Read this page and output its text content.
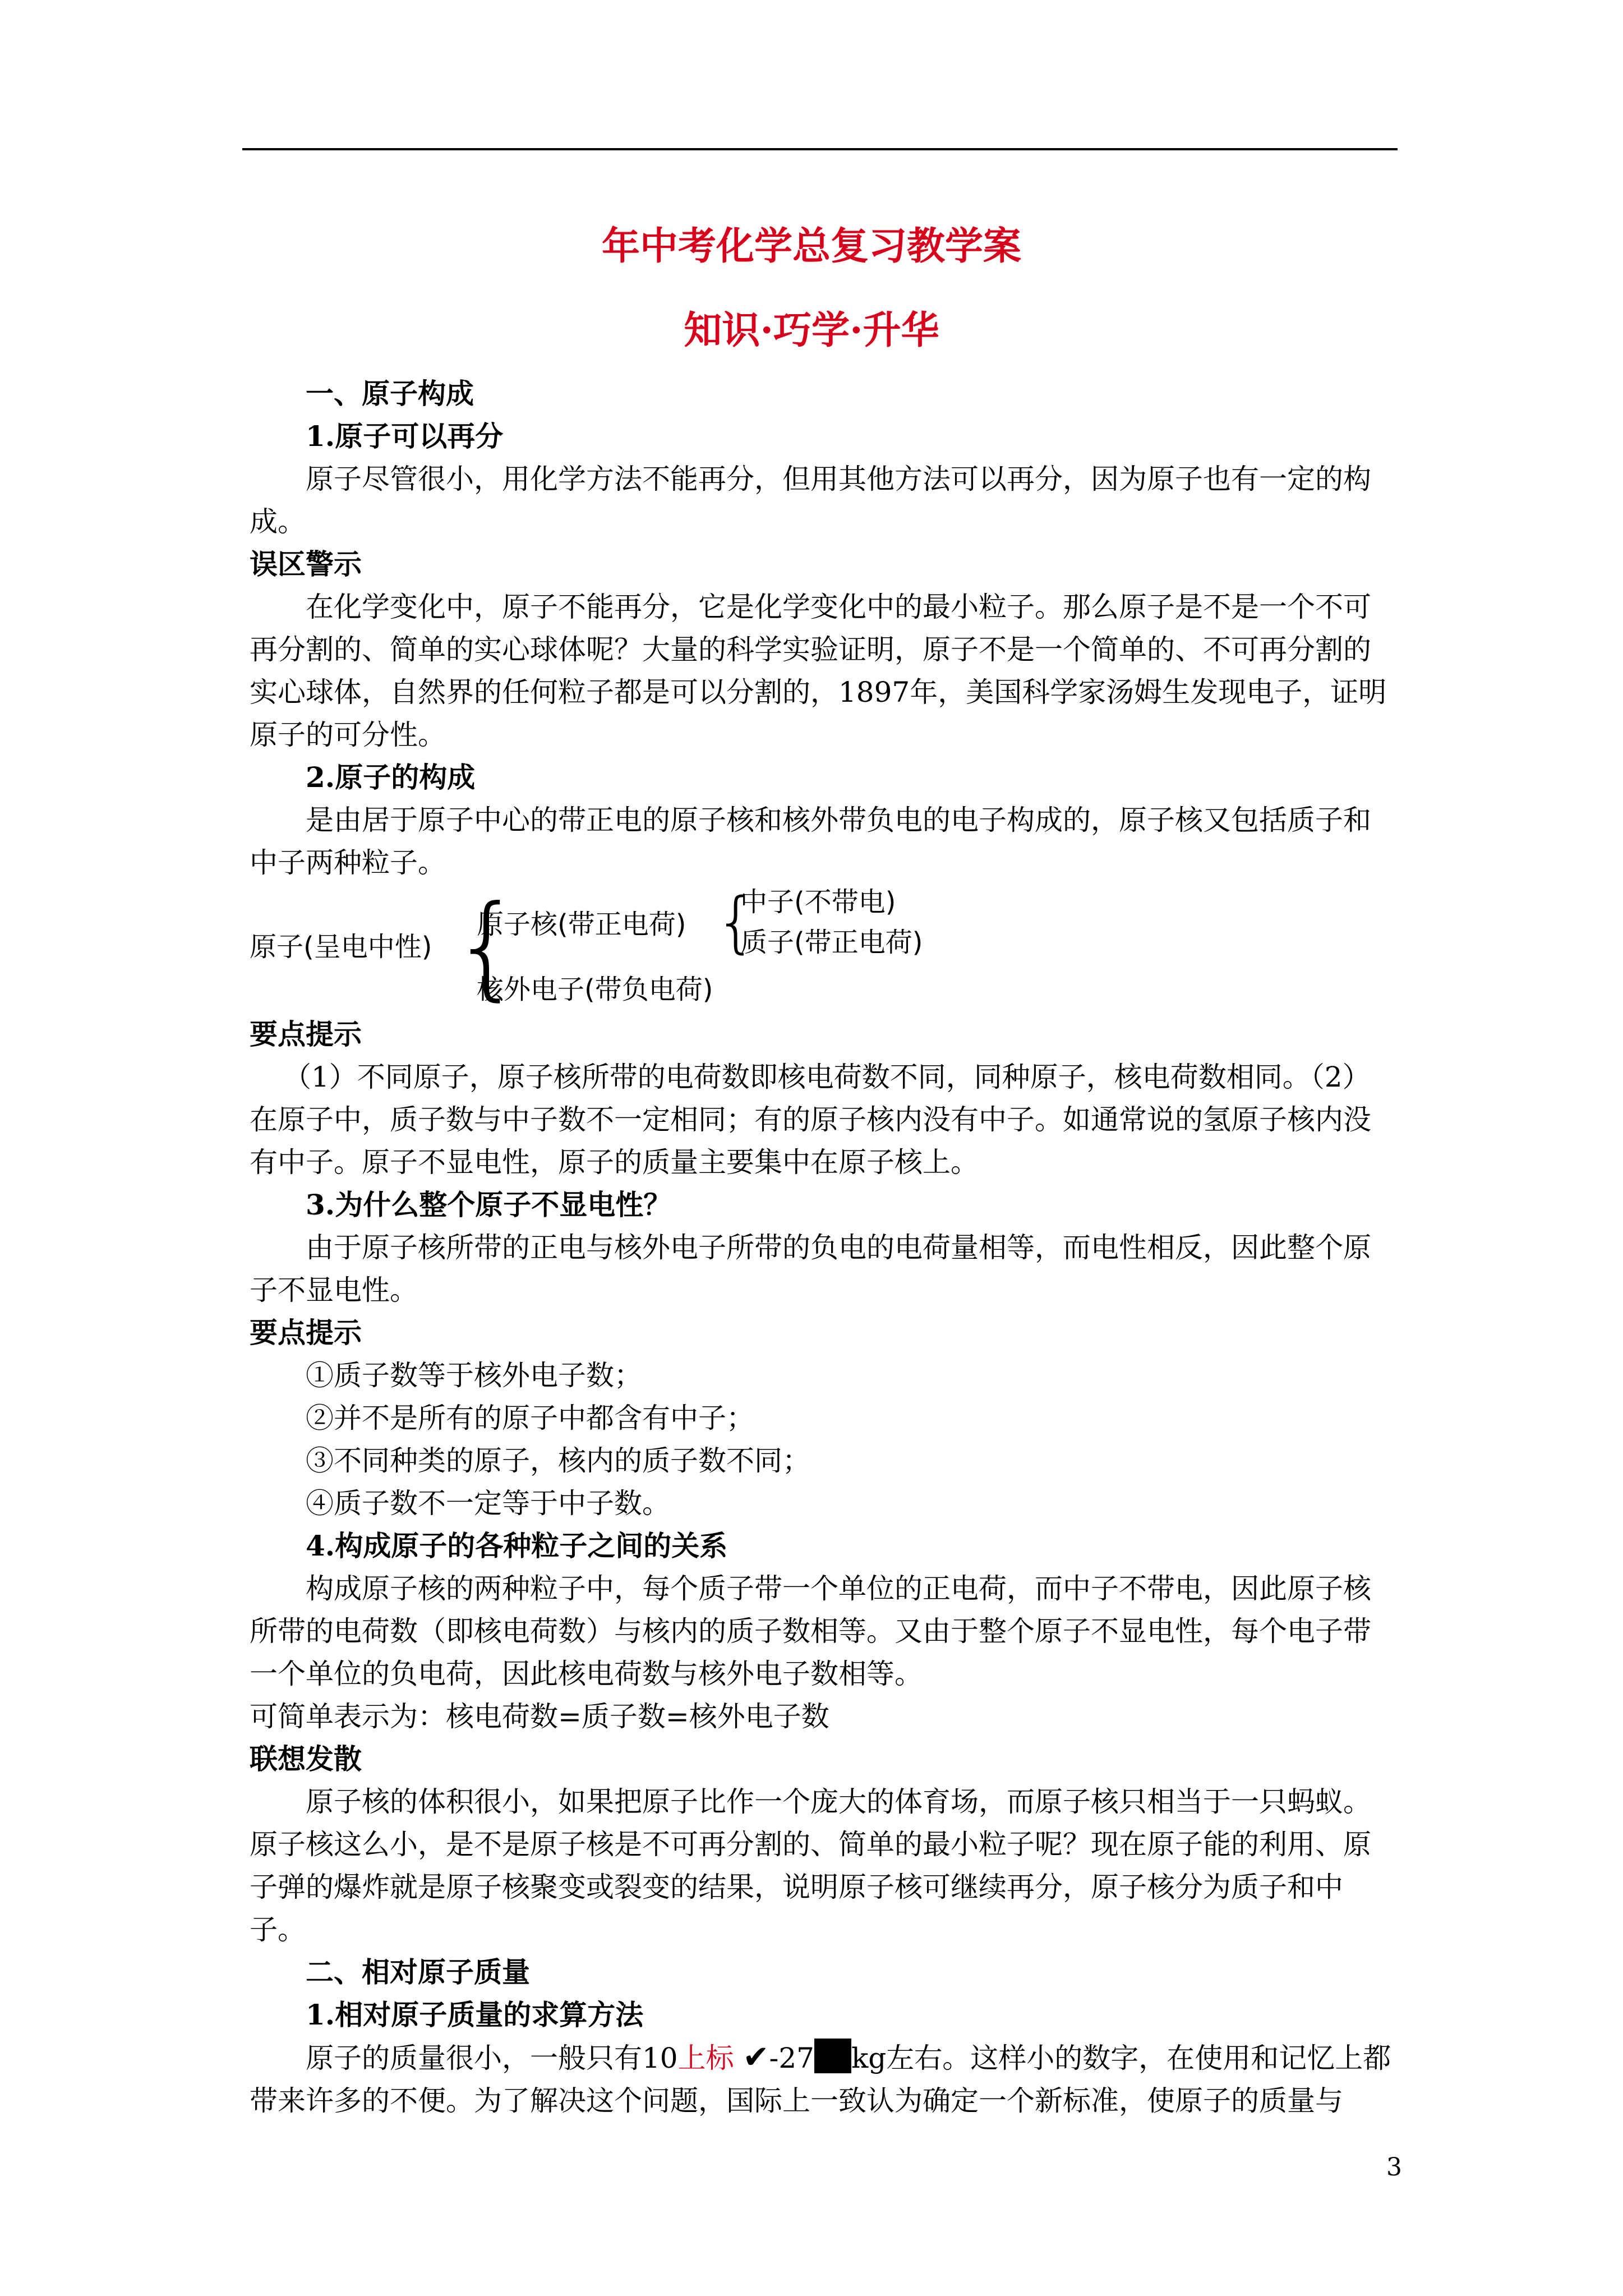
年中考化学总复习教学案
知识·巧学·升华

一、原子构成

1.原子可以再分

原子尽管很小，用化学方法不能再分，但用其他方法可以再分，因为原子也有一定的构成。

误区警示

在化学变化中，原子不能再分，它是化学变化中的最小粒子。那么原子是不是一个不可再分割的、简单的实心球体呢？大量的科学实验证明，原子不是一个简单的、不可再分割的实心球体，自然界的任何粒子都是可以分割的，1897年，美国科学家汤姆生发现电子，证明原子的可分性。

2.原子的构成

是由居于原子中心的带正电的原子核和核外带负电的电子构成的，原子核又包括质子和中子两种粒子。

原子(呈电中性) {
原子核(带正电荷) {
中子(不带电)
质子(带正电荷)
核外电子(带负电荷)

要点提示

（1）不同原子，原子核所带的电荷数即核电荷数不同，同种原子，核电荷数相同。（2）在原子中，质子数与中子数不一定相同；有的原子核内没有中子。如通常说的氢原子核内没有中子。原子不显电性，原子的质量主要集中在原子核上。

3.为什么整个原子不显电性？

由于原子核所带的正电与核外电子所带的负电的电荷量相等，而电性相反，因此整个原子不显电性。

要点提示

①质子数等于核外电子数；

②并不是所有的原子中都含有中子；

③不同种类的原子，核内的质子数不同；

④质子数不一定等于中子数。

4.构成原子的各种粒子之间的关系

构成原子核的两种粒子中，每个质子带一个单位的正电荷，而中子不带电，因此原子核所带的电荷数（即核电荷数）与核内的质子数相等。又由于整个原子不显电性，每个电子带一个单位的负电荷，因此核电荷数与核外电子数相等。

可简单表示为：核电荷数=质子数=核外电子数

联想发散

原子核的体积很小，如果把原子比作一个庞大的体育场，而原子核只相当于一只蚂蚁。原子核这么小，是不是原子核是不可再分割的、简单的最小粒子呢？现在原子能的利用、原子弹的爆炸就是原子核聚变或裂变的结果，说明原子核可继续再分，原子核分为质子和中子。

二、相对原子质量

1.相对原子质量的求算方法

原子的质量很小，一般只有10上标 ✔-27 kg左右。这样小的数字，在使用和记忆上都带来许多的不便。为了解决这个问题，国际上一致认为确定一个新标准，使原子的质量与

3
